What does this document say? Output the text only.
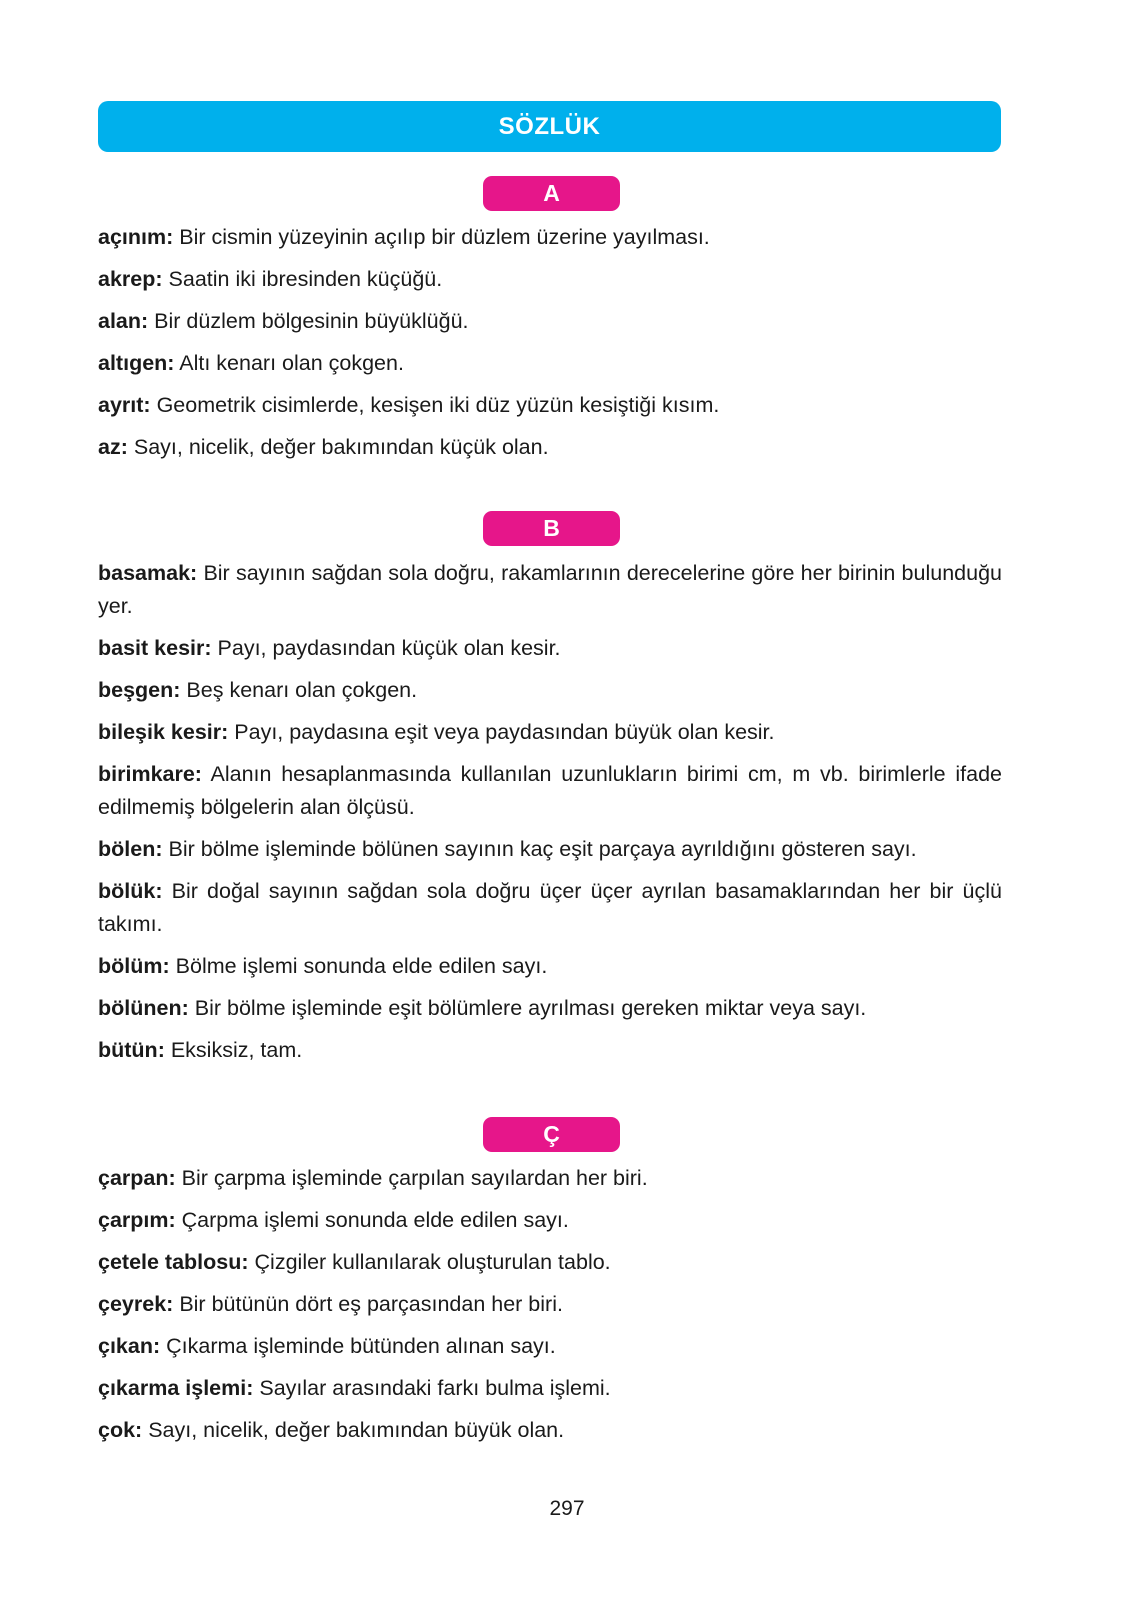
SÖZLÜK
A

açınım: Bir cismin yüzeyinin açılıp bir düzlem üzerine yayılması.

akrep: Saatin iki ibresinden küçüğü.

alan: Bir düzlem bölgesinin büyüklüğü.

altıgen: Altı kenarı olan çokgen.

ayrıt: Geometrik cisimlerde, kesişen iki düz yüzün kesiştiği kısım.

az: Sayı, nicelik, değer bakımından küçük olan.

B

basamak: Bir sayının sağdan sola doğru, rakamlarının derecelerine göre her birinin bulunduğu yer.

basit kesir: Payı, paydasından küçük olan kesir.

beşgen: Beş kenarı olan çokgen.

bileşik kesir: Payı, paydasına eşit veya paydasından büyük olan kesir.

birimkare: Alanın hesaplanmasında kullanılan uzunlukların birimi cm, m vb. birimlerle ifade edilmemiş bölgelerin alan ölçüsü.

bölen: Bir bölme işleminde bölünen sayının kaç eşit parçaya ayrıldığını gösteren sayı.

bölük: Bir doğal sayının sağdan sola doğru üçer üçer ayrılan basamaklarından her bir üçlü takımı.

bölüm: Bölme işlemi sonunda elde edilen sayı.

bölünen: Bir bölme işleminde eşit bölümlere ayrılması gereken miktar veya sayı.

bütün: Eksiksiz, tam.

Ç

çarpan: Bir çarpma işleminde çarpılan sayılardan her biri.

çarpım: Çarpma işlemi sonunda elde edilen sayı.

çetele tablosu: Çizgiler kullanılarak oluşturulan tablo.

çeyrek: Bir bütünün dört eş parçasından her biri.

çıkan: Çıkarma işleminde bütünden alınan sayı.

çıkarma işlemi: Sayılar arasındaki farkı bulma işlemi.

çok: Sayı, nicelik, değer bakımından büyük olan.

297
